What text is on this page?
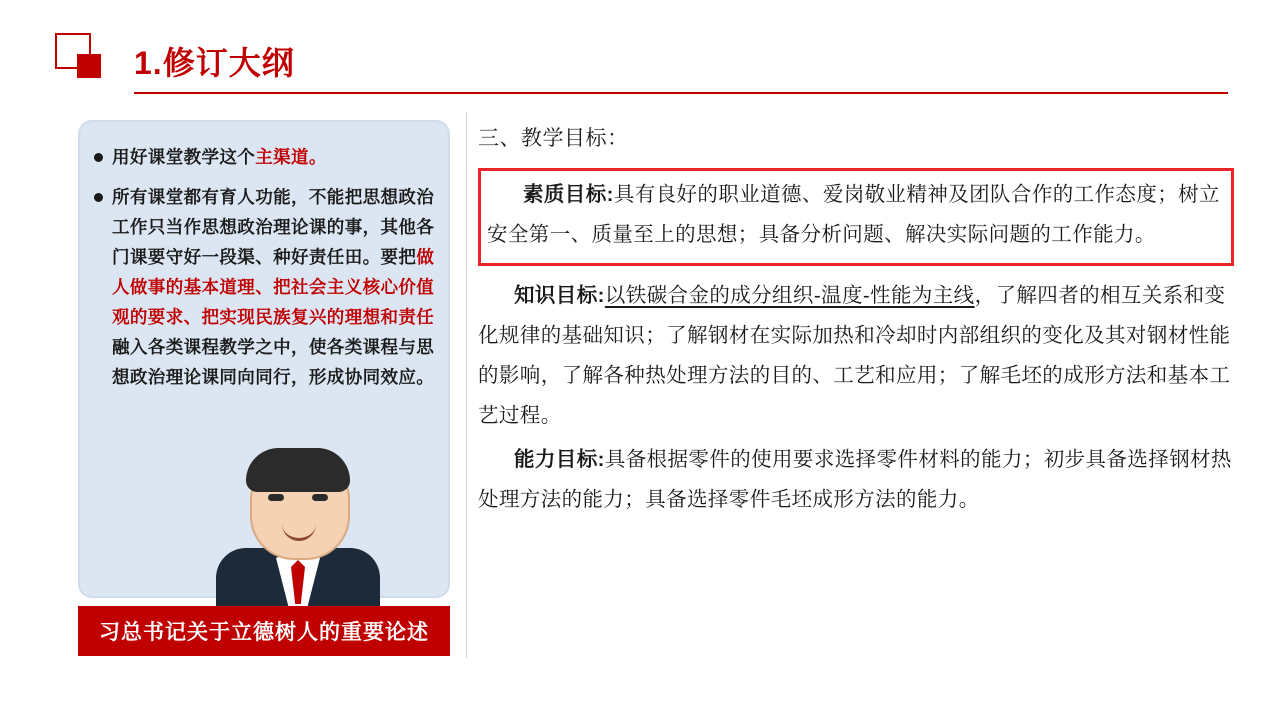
1.修订大纲
用好课堂教学这个主渠道。
所有课堂都有育人功能，不能把思想政治工作只当作思想政治理论课的事，其他各门课要守好一段渠、种好责任田。要把做人做事的基本道理、把社会主义核心价值观的要求、把实现民族复兴的理想和责任融入各类课程教学之中，使各类课程与思想政治理论课同向同行，形成协同效应。
习总书记关于立德树人的重要论述
三、教学目标：

素质目标:具有良好的职业道德、爱岗敬业精神及团队合作的工作态度；树立安全第一、质量至上的思想；具备分析问题、解决实际问题的工作能力。

知识目标:以铁碳合金的成分组织-温度-性能为主线，了解四者的相互关系和变化规律的基础知识；了解钢材在实际加热和冷却时内部组织的变化及其对钢材性能的影响，了解各种热处理方法的目的、工艺和应用；了解毛坯的成形方法和基本工艺过程。

能力目标:具备根据零件的使用要求选择零件材料的能力；初步具备选择钢材热处理方法的能力；具备选择零件毛坯成形方法的能力。
